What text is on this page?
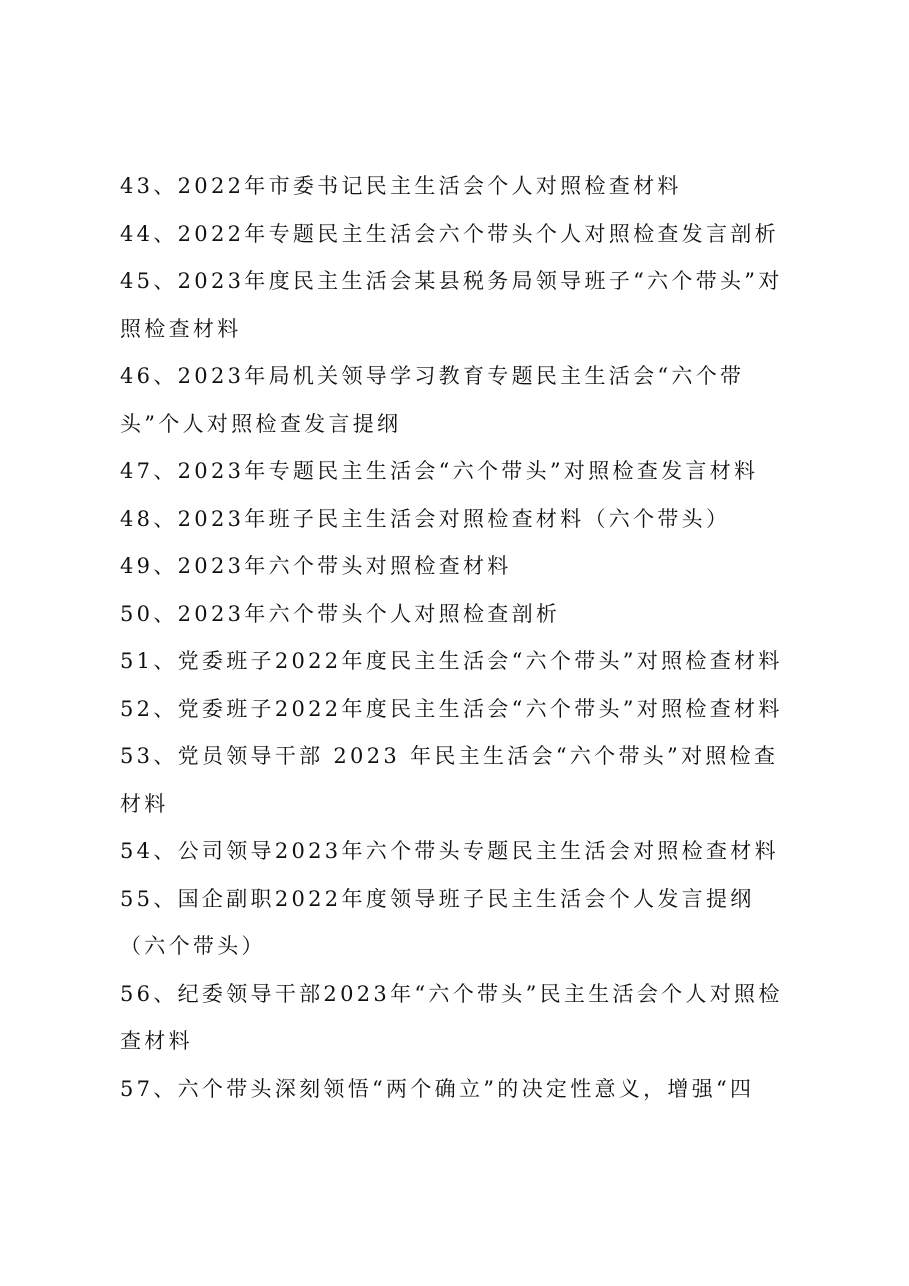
43、2022年市委书记民主生活会个人对照检查材料
44、2022年专题民主生活会六个带头个人对照检查发言剖析
45、2023年度民主生活会某县税务局领导班子“六个带头”对照检查材料
46、2023年局机关领导学习教育专题民主生活会“六个带头”个人对照检查发言提纲
47、2023年专题民主生活会“六个带头”对照检查发言材料
48、2023年班子民主生活会对照检查材料（六个带头）
49、2023年六个带头对照检查材料
50、2023年六个带头个人对照检查剖析
51、党委班子2022年度民主生活会“六个带头”对照检查材料
52、党委班子2022年度民主生活会“六个带头”对照检查材料
53、党员领导干部 2023 年民主生活会“六个带头”对照检查材料
54、公司领导2023年六个带头专题民主生活会对照检查材料
55、国企副职2022年度领导班子民主生活会个人发言提纲（六个带头）
56、纪委领导干部2023年“六个带头”民主生活会个人对照检查材料
57、六个带头深刻领悟“两个确立”的决定性意义，增强“四
